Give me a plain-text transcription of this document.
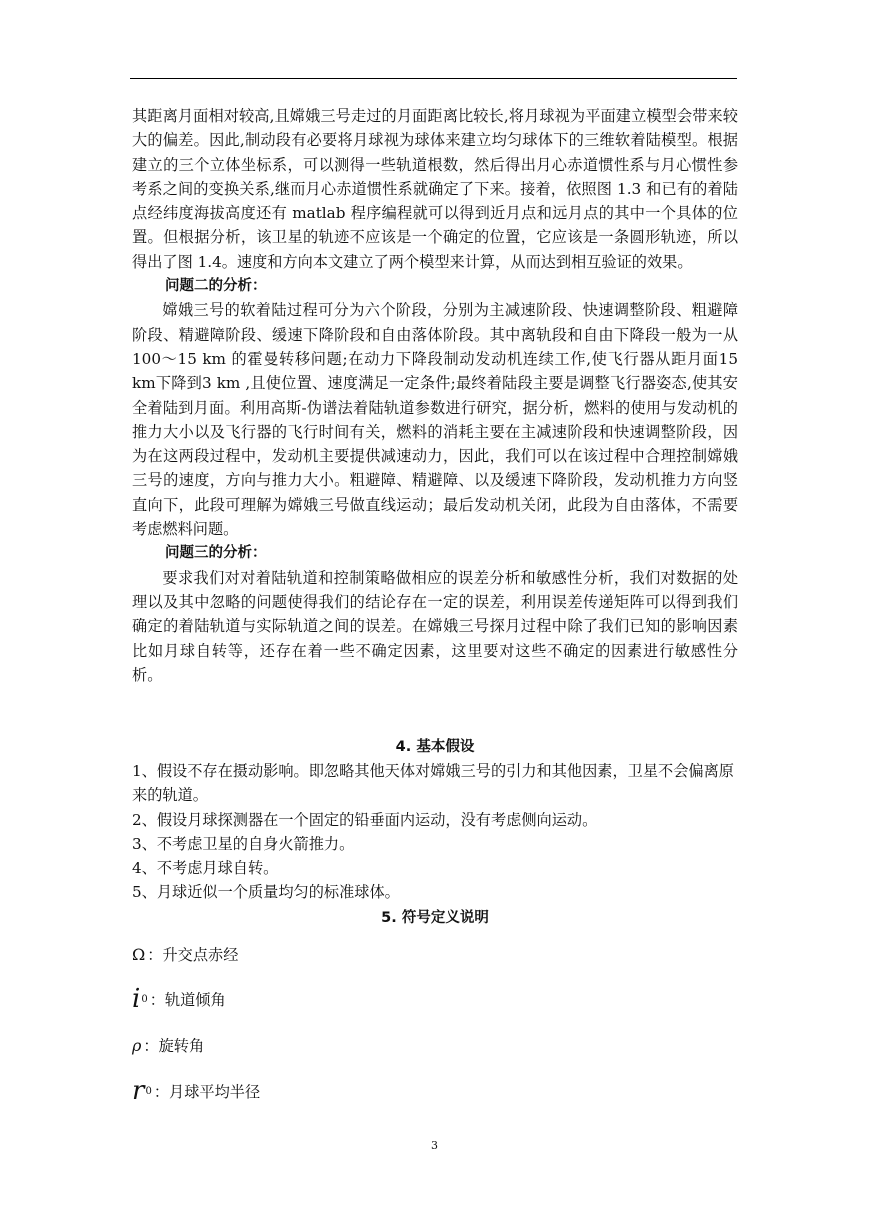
其距离月面相对较高,且嫦娥三号走过的月面距离比较长,将月球视为平面建立模型会带来较大的偏差。因此,制动段有必要将月球视为球体来建立均匀球体下的三维软着陆模型。根据建立的三个立体坐标系，可以测得一些轨道根数，然后得出月心赤道惯性系与月心惯性参考系之间的变换关系,继而月心赤道惯性系就确定了下来。接着，依照图 1.3 和已有的着陆点经纬度海拔高度还有 matlab 程序编程就可以得到近月点和远月点的其中一个具体的位置。但根据分析，该卫星的轨迹不应该是一个确定的位置，它应该是一条圆形轨迹，所以得出了图 1.4。速度和方向本文建立了两个模型来计算，从而达到相互验证的效果。

问题二的分析：

嫦娥三号的软着陆过程可分为六个阶段，分别为主减速阶段、快速调整阶段、粗避障阶段、精避障阶段、缓速下降阶段和自由落体阶段。其中离轨段和自由下降段一般为一从100～15 km 的霍曼转移问题;在动力下降段制动发动机连续工作,使飞行器从距月面15 km下降到3 km ,且使位置、速度满足一定条件;最终着陆段主要是调整飞行器姿态,使其安全着陆到月面。利用高斯-伪谱法着陆轨道参数进行研究，据分析，燃料的使用与发动机的推力大小以及飞行器的飞行时间有关，燃料的消耗主要在主减速阶段和快速调整阶段，因为在这两段过程中，发动机主要提供减速动力，因此，我们可以在该过程中合理控制嫦娥三号的速度，方向与推力大小。粗避障、精避障、以及缓速下降阶段，发动机推力方向竖直向下，此段可理解为嫦娥三号做直线运动；最后发动机关闭，此段为自由落体，不需要考虑燃料问题。

问题三的分析：

要求我们对对着陆轨道和控制策略做相应的误差分析和敏感性分析，我们对数据的处理以及其中忽略的问题使得我们的结论存在一定的误差，利用误差传递矩阵可以得到我们确定的着陆轨道与实际轨道之间的误差。在嫦娥三号探月过程中除了我们已知的影响因素比如月球自转等，还存在着一些不确定因素，这里要对这些不确定的因素进行敏感性分析。

4. 基本假设

1、假设不存在摄动影响。即忽略其他天体对嫦娥三号的引力和其他因素，卫星不会偏离原来的轨道。

2、假设月球探测器在一个固定的铅垂面内运动，没有考虑侧向运动。

3、不考虑卫星的自身火箭推力。

4、不考虑月球自转。

5、月球近似一个质量均匀的标准球体。

5. 符号定义说明

Ω ：升交点赤经
i 0 ：轨道倾角
ρ ：旋转角
r 0 ：月球平均半径
3
